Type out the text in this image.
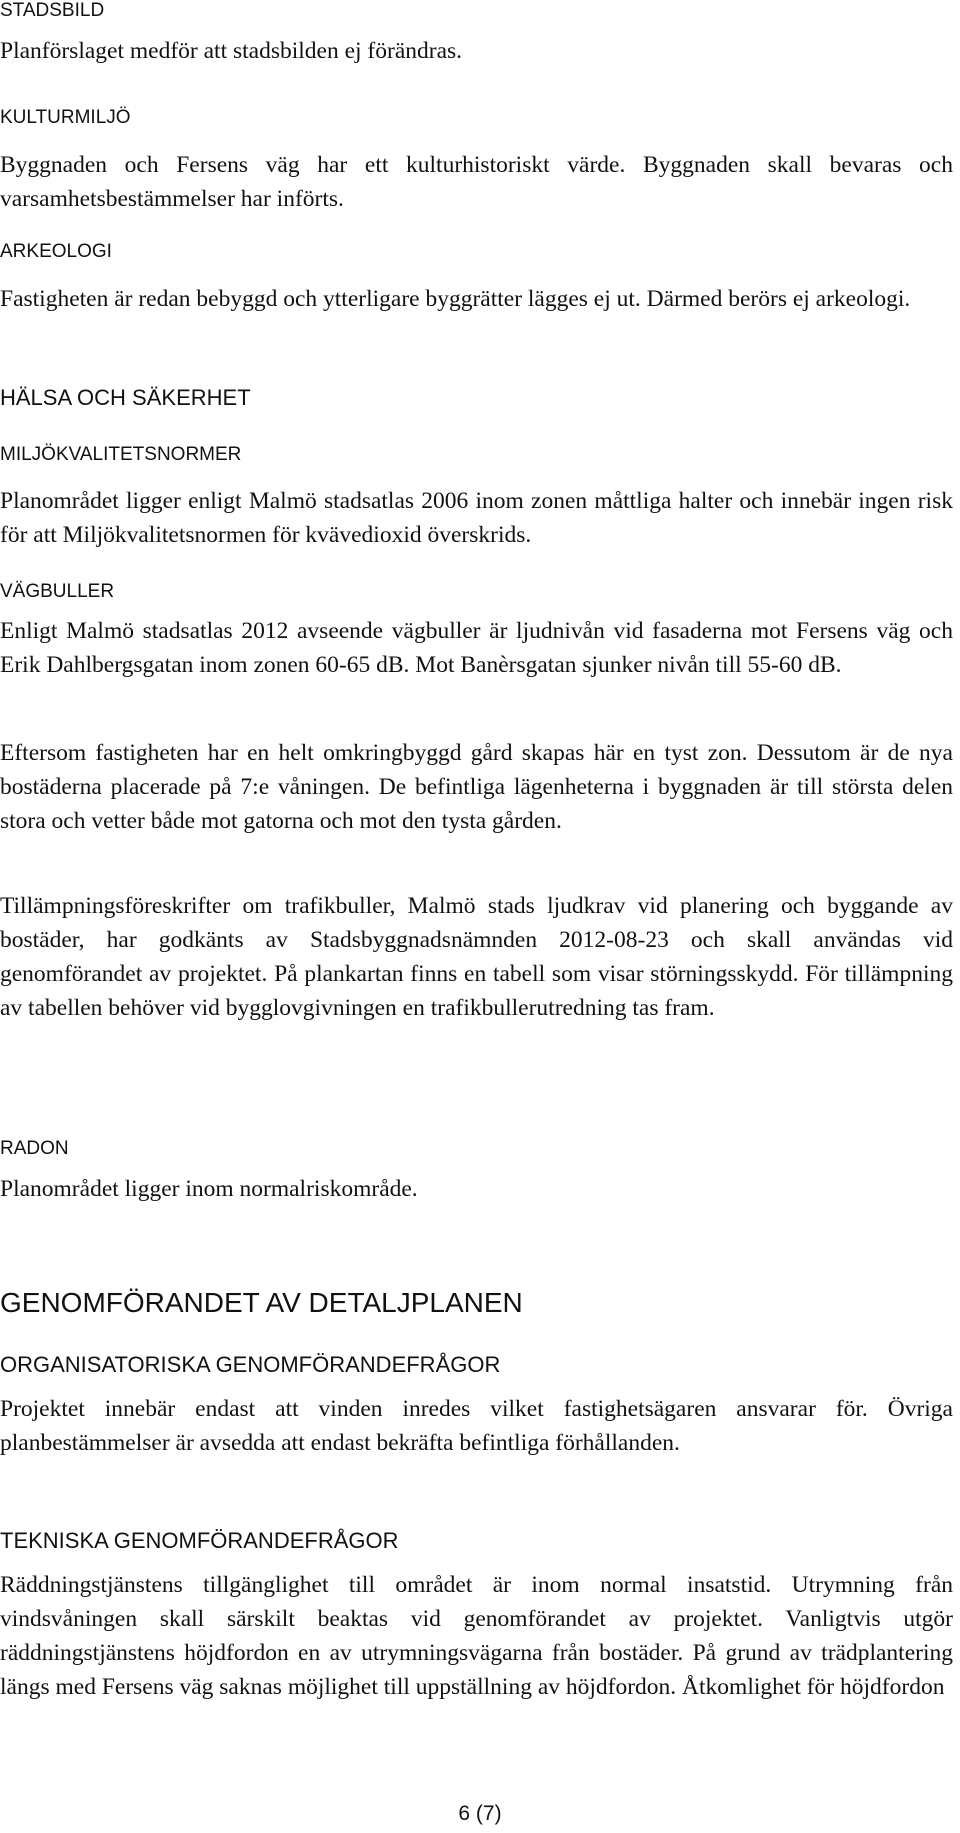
STADSBILD

Planförslaget medför att stadsbilden ej förändras.

KULTURMILJÖ

Byggnaden och Fersens väg har ett kulturhistoriskt värde. Byggnaden skall bevaras och varsamhetsbestämmelser har införts.

ARKEOLOGI

Fastigheten är redan bebyggd och ytterligare byggrätter lägges ej ut. Därmed berörs ej arkeologi.

HÄLSA OCH SÄKERHET
MILJÖKVALITETSNORMER

Planområdet ligger enligt Malmö stadsatlas 2006 inom zonen måttliga halter och innebär ingen risk för att Miljökvalitetsnormen för kvävedioxid överskrids.

VÄGBULLER

Enligt Malmö stadsatlas 2012 avseende vägbuller är ljudnivån vid fasaderna mot Fersens väg och Erik Dahlbergsgatan inom zonen 60-65 dB. Mot Banèrsgatan sjunker nivån till 55-60 dB.

Eftersom fastigheten har en helt omkringbyggd gård skapas här en tyst zon. Dessutom är de nya bostäderna placerade på 7:e våningen. De befintliga lägenheterna i byggnaden är till största delen stora och vetter både mot gatorna och mot den tysta gården.

Tillämpningsföreskrifter om trafikbuller, Malmö stads ljudkrav vid planering och byggande av bostäder, har godkänts av Stadsbyggnadsnämnden 2012-08-23 och skall användas vid genomförandet av projektet. På plankartan finns en tabell som visar störningsskydd. För tillämpning av tabellen behöver vid bygglovgivningen en trafikbullerutredning tas fram.

RADON

Planområdet ligger inom normalriskområde.

GENOMFÖRANDET AV DETALJPLANEN
ORGANISATORISKA GENOMFÖRANDEFRÅGOR

Projektet innebär endast att vinden inredes vilket fastighetsägaren ansvarar för. Övriga planbestämmelser är avsedda att endast bekräfta befintliga förhållanden.

TEKNISKA GENOMFÖRANDEFRÅGOR

Räddningstjänstens tillgänglighet till området är inom normal insatstid. Utrymning från vindsvåningen skall särskilt beaktas vid genomförandet av projektet. Vanligtvis utgör räddningstjänstens höjdfordon en av utrymningsvägarna från bostäder. På grund av trädplantering längs med Fersens väg saknas möjlighet till uppställning av höjdfordon. Åtkomlighet för höjdfordon

6 (7)
